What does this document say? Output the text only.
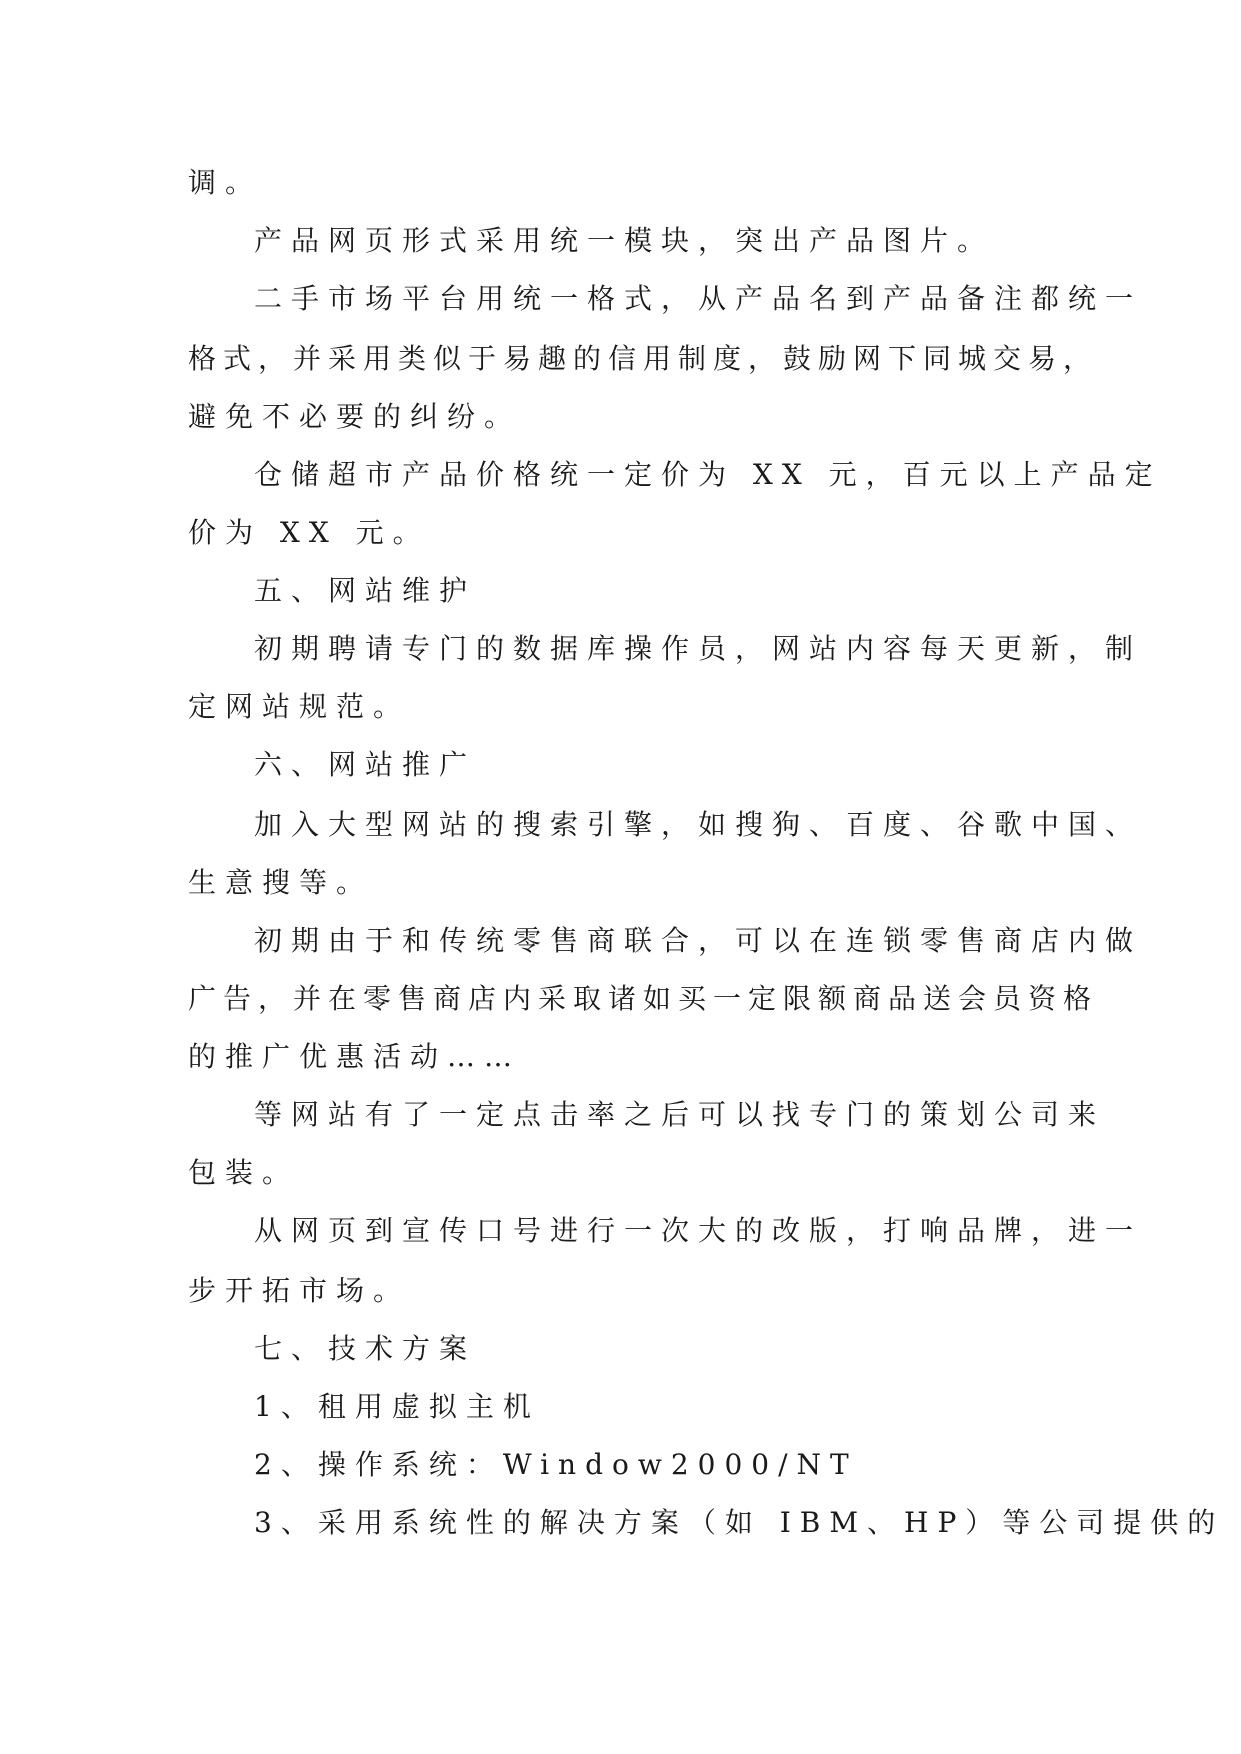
调。
产品网页形式采用统一模块，突出产品图片。
二手市场平台用统一格式，从产品名到产品备注都统一
格式，并采用类似于易趣的信用制度，鼓励网下同城交易，
避免不必要的纠纷。
仓储超市产品价格统一定价为 XX 元，百元以上产品定
价为 XX 元。
五、网站维护
初期聘请专门的数据库操作员，网站内容每天更新，制
定网站规范。
六、网站推广
加入大型网站的搜索引擎，如搜狗、百度、谷歌中国、
生意搜等。
初期由于和传统零售商联合，可以在连锁零售商店内做
广告，并在零售商店内采取诸如买一定限额商品送会员资格
的推广优惠活动……
等网站有了一定点击率之后可以找专门的策划公司来
包装。
从网页到宣传口号进行一次大的改版，打响品牌，进一
步开拓市场。
七、技术方案
1、租用虚拟主机
2、操作系统：Window2000/NT
3、采用系统性的解决方案（如 IBM、HP）等公司提供的
